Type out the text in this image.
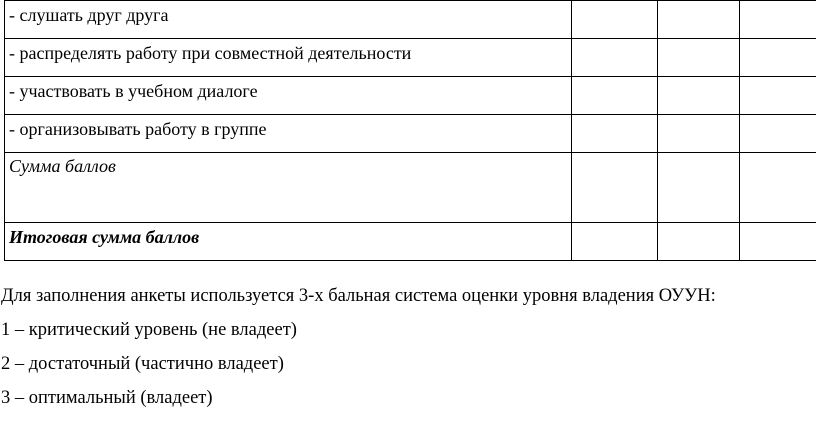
- слушать друг друга			
- распределять работу при совместной деятельности			
- участвовать в учебном диалоге			
- организовывать работу в группе			
Сумма баллов			
Итоговая сумма баллов			

Для заполнения анкеты используется 3-х бальная система оценки уровня владения ОУУН:

1 – критический уровень (не владеет)

2 – достаточный (частично владеет)

3 – оптимальный (владеет)
